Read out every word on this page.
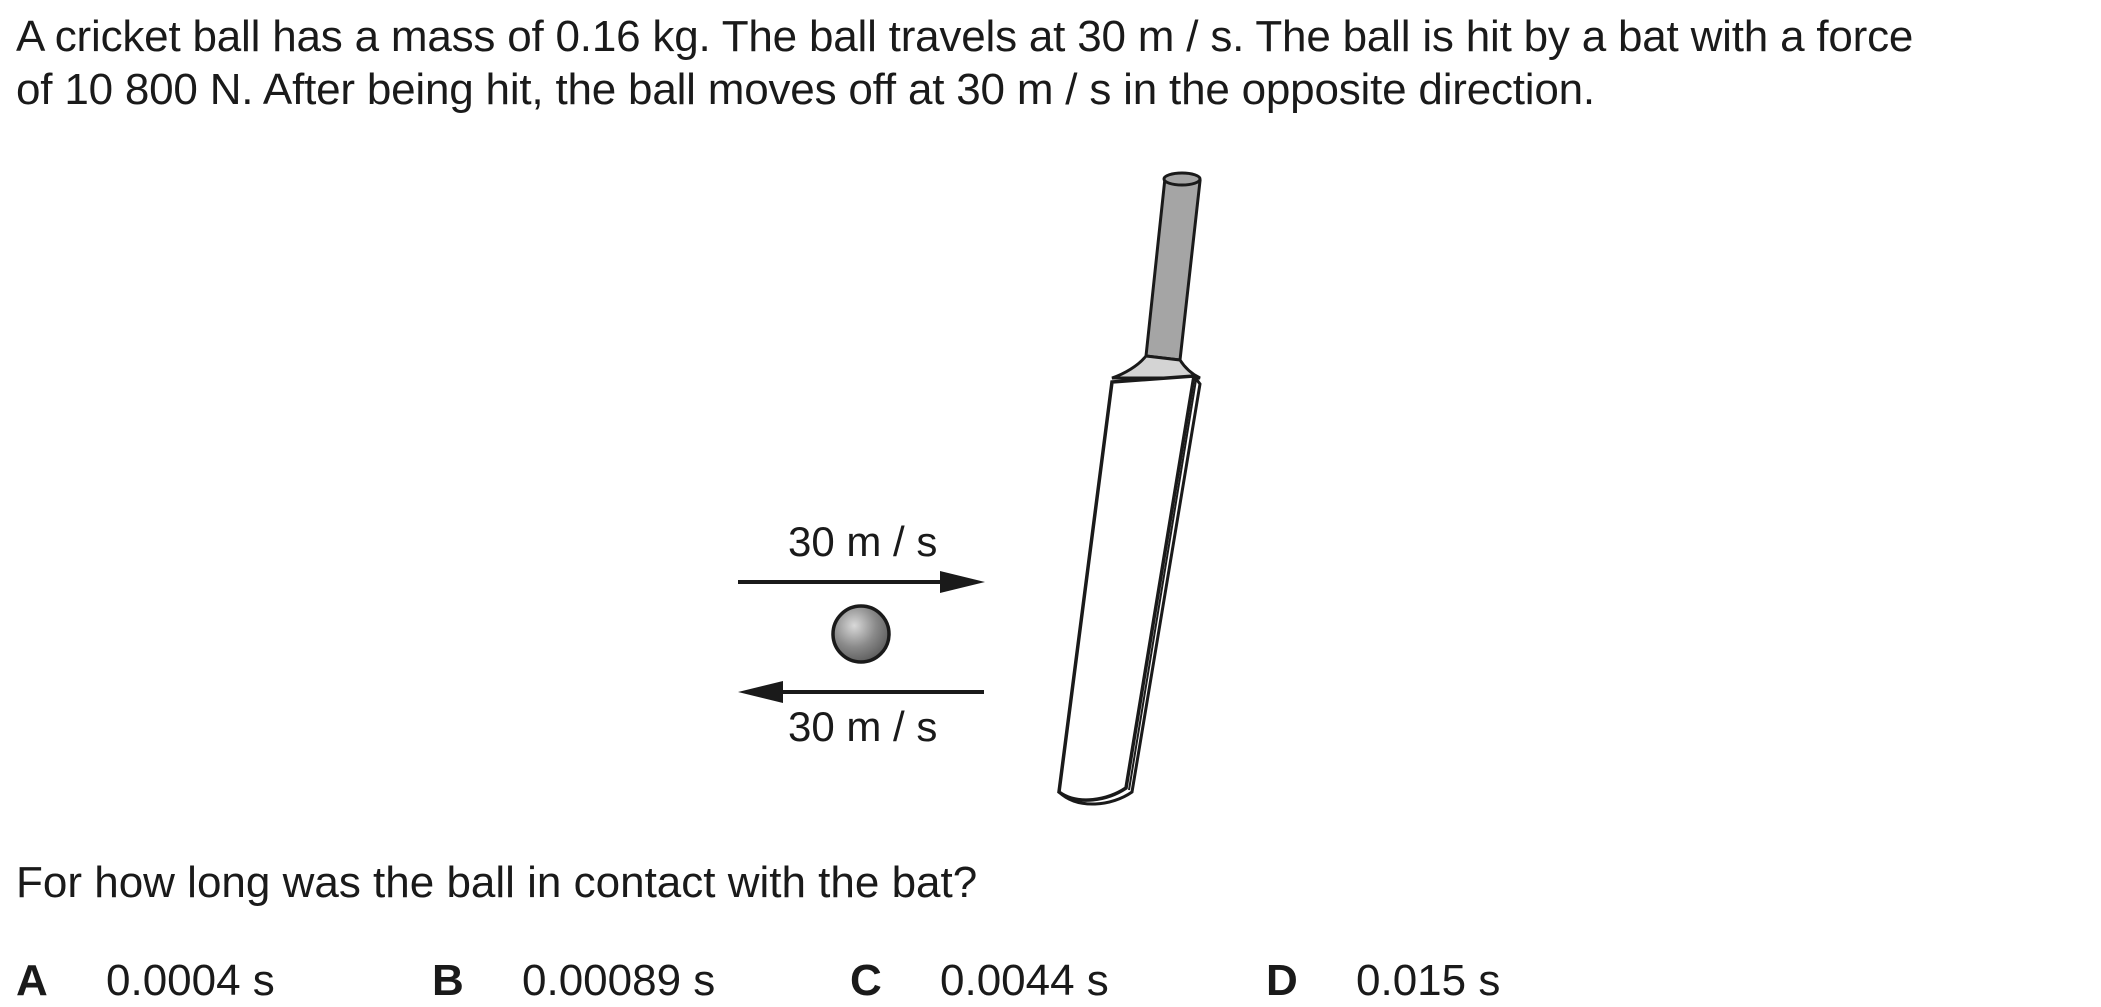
A cricket ball has a mass of 0.16 kg. The ball travels at 30 m / s. The ball is hit by a bat with a force

of 10 800 N. After being hit, the ball moves off at 30 m / s in the opposite direction.

30 m / s
30 m / s

For how long was the ball in contact with the bat?

A 0.0004 s	B 0.00089 s	C 0.0044 s	D 0.015 s
